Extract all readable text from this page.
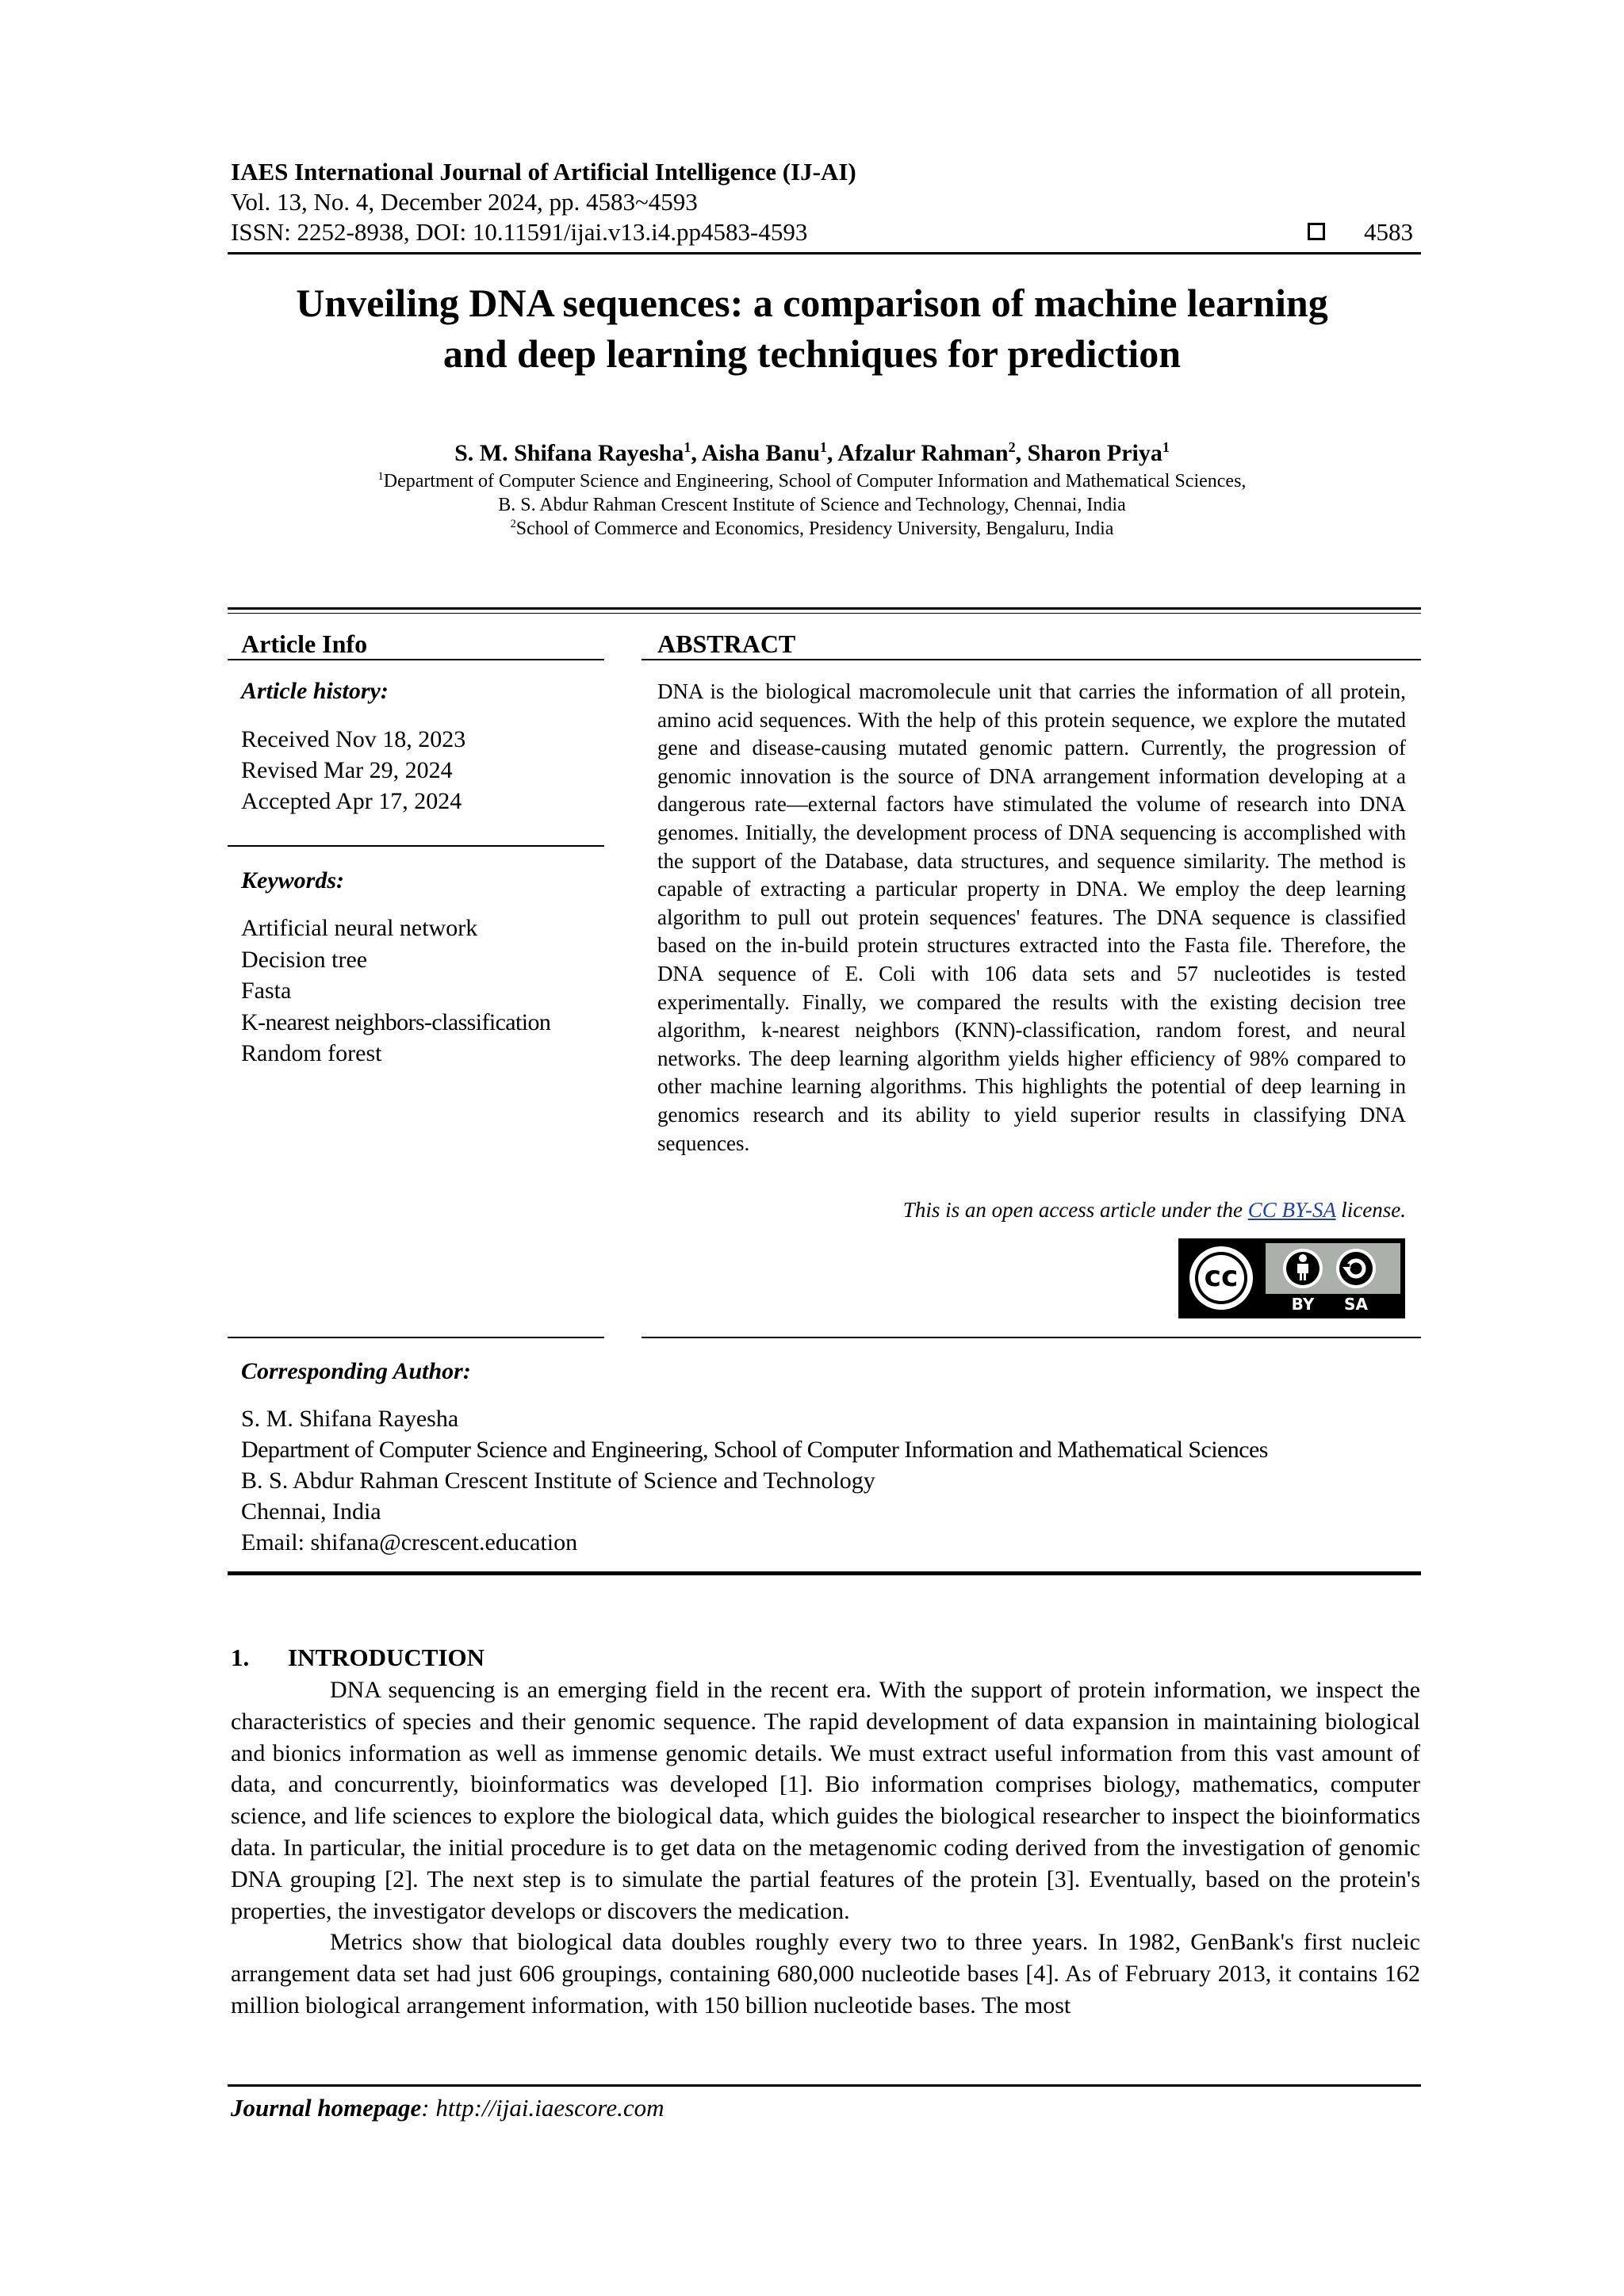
IAES International Journal of Artificial Intelligence (IJ-AI)
Vol. 13, No. 4, December 2024, pp. 4583~4593
ISSN: 2252-8938, DOI: 10.11591/ijai.v13.i4.pp4583-4593	4583
Unveiling DNA sequences: a comparison of machine learning
and deep learning techniques for prediction
S. M. Shifana Rayesha$^1$, Aisha Banu$^1$, Afzalur Rahman$^2$, Sharon Priya$^1$
$^1$Department of Computer Science and Engineering, School of Computer Information and Mathematical Sciences,
B. S. Abdur Rahman Crescent Institute of Science and Technology, Chennai, India
$^2$School of Commerce and Economics, Presidency University, Bengaluru, India
Article Info
Article history:
Received Nov 18, 2023
Revised Mar 29, 2024
Accepted Apr 17, 2024
Keywords:
Artificial neural network
Decision tree
Fasta
K-nearest neighbors-classification
Random forest
ABSTRACT
DNA is the biological macromolecule unit that carries the information of all protein, amino acid sequences. With the help of this protein sequence, we explore the mutated gene and disease-causing mutated genomic pattern. Currently, the progression of genomic innovation is the source of DNA arrangement information developing at a dangerous rate—external factors have stimulated the volume of research into DNA genomes. Initially, the development process of DNA sequencing is accomplished with the support of the Database, data structures, and sequence similarity. The method is capable of extracting a particular property in DNA. We employ the deep learning algorithm to pull out protein sequences' features. The DNA sequence is classified based on the in-build protein structures extracted into the Fasta file. Therefore, the DNA sequence of E. Coli with 106 data sets and 57 nucleotides is tested experimentally. Finally, we compared the results with the existing decision tree algorithm, k-nearest neighbors (KNN)-classification, random forest, and neural networks. The deep learning algorithm yields higher efficiency of 98% compared to other machine learning algorithms. This highlights the potential of deep learning in genomics research and its ability to yield superior results in classifying DNA sequences.
This is an open access article under the CC BY-SA license.
cc
BY	SA
Corresponding Author:
S. M. Shifana Rayesha
Department of Computer Science and Engineering, School of Computer Information and Mathematical Sciences
B. S. Abdur Rahman Crescent Institute of Science and Technology
Chennai, India
Email: shifana@crescent.education
1. INTRODUCTION

DNA sequencing is an emerging field in the recent era. With the support of protein information, we inspect the characteristics of species and their genomic sequence. The rapid development of data expansion in maintaining biological and bionics information as well as immense genomic details. We must extract useful information from this vast amount of data, and concurrently, bioinformatics was developed [1]. Bio information comprises biology, mathematics, computer science, and life sciences to explore the biological data, which guides the biological researcher to inspect the bioinformatics data. In particular, the initial procedure is to get data on the metagenomic coding derived from the investigation of genomic DNA grouping [2]. The next step is to simulate the partial features of the protein [3]. Eventually, based on the protein's properties, the investigator develops or discovers the medication.

Metrics show that biological data doubles roughly every two to three years. In 1982, GenBank's first nucleic arrangement data set had just 606 groupings, containing 680,000 nucleotide bases [4]. As of February 2013, it contains 162 million biological arrangement information, with 150 billion nucleotide bases. The most

Journal homepage: http://ijai.iaescore.com
